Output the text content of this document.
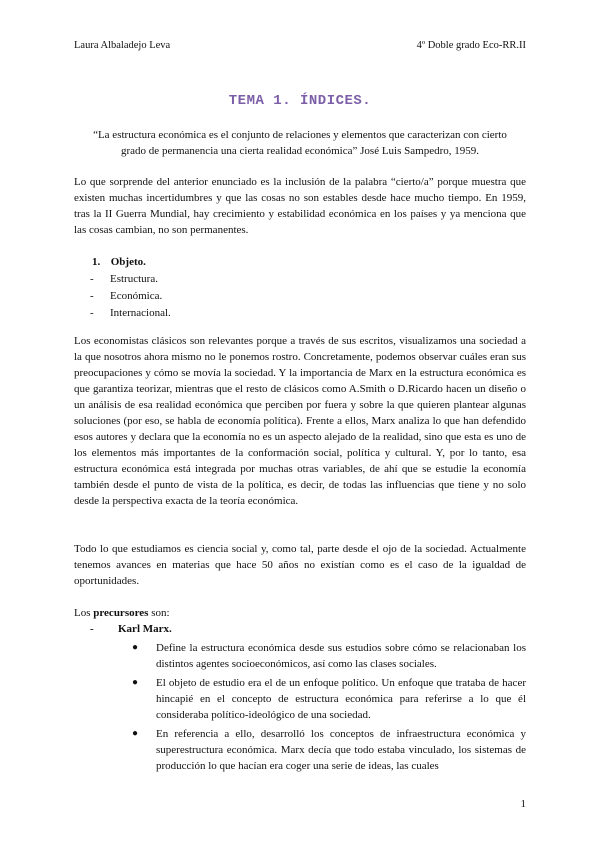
Laura Albaladejo Leva	4º Doble grado Eco-RR.II
TEMA 1. ÍNDICES.
“La estructura económica es el conjunto de relaciones y elementos que caracterizan con cierto grado de permanencia una cierta realidad económica” José Luis Sampedro, 1959.

Lo que sorprende del anterior enunciado es la inclusión de la palabra “cierto/a” porque muestra que existen muchas incertidumbres y que las cosas no son estables desde hace mucho tiempo. En 1959, tras la II Guerra Mundial, hay crecimiento y estabilidad económica en los países y ya menciona que las cosas cambian, no son permanentes.

1. Objeto.
-	Estructura.
-	Económica.
-	Internacional.

Los economistas clásicos son relevantes porque a través de sus escritos, visualizamos una sociedad a la que nosotros ahora mismo no le ponemos rostro. Concretamente, podemos observar cuáles eran sus preocupaciones y cómo se movía la sociedad. Y la importancia de Marx en la estructura económica es que garantiza teorizar, mientras que el resto de clásicos como A.Smith o D.Ricardo hacen un diseño o un análisis de esa realidad económica que perciben por fuera y sobre la que quieren plantear algunas soluciones (por eso, se habla de economía política). Frente a ellos, Marx analiza lo que han defendido esos autores y declara que la economía no es un aspecto alejado de la realidad, sino que esta es uno de los elementos más importantes de la conformación social, política y cultural. Y, por lo tanto, esa estructura económica está integrada por muchas otras variables, de ahí que se estudie la economía también desde el punto de vista de la política, es decir, de todas las influencias que tiene y no solo desde la perspectiva exacta de la teoría económica.

Todo lo que estudiamos es ciencia social y, como tal, parte desde el ojo de la sociedad. Actualmente tenemos avances en materias que hace 50 años no existían como es el caso de la igualdad de oportunidades.

Los precursores son:
-	Karl Marx.
● Define la estructura económica desde sus estudios sobre cómo se relacionaban los distintos agentes socioeconómicos, así como las clases sociales.
● El objeto de estudio era el de un enfoque político. Un enfoque que trataba de hacer hincapié en el concepto de estructura económica para referirse a lo que él consideraba político-ideológico de una sociedad.
● En referencia a ello, desarrolló los conceptos de infraestructura económica y superestructura económica. Marx decía que todo estaba vinculado, los sistemas de producción lo que hacían era coger una serie de ideas, las cuales
1
